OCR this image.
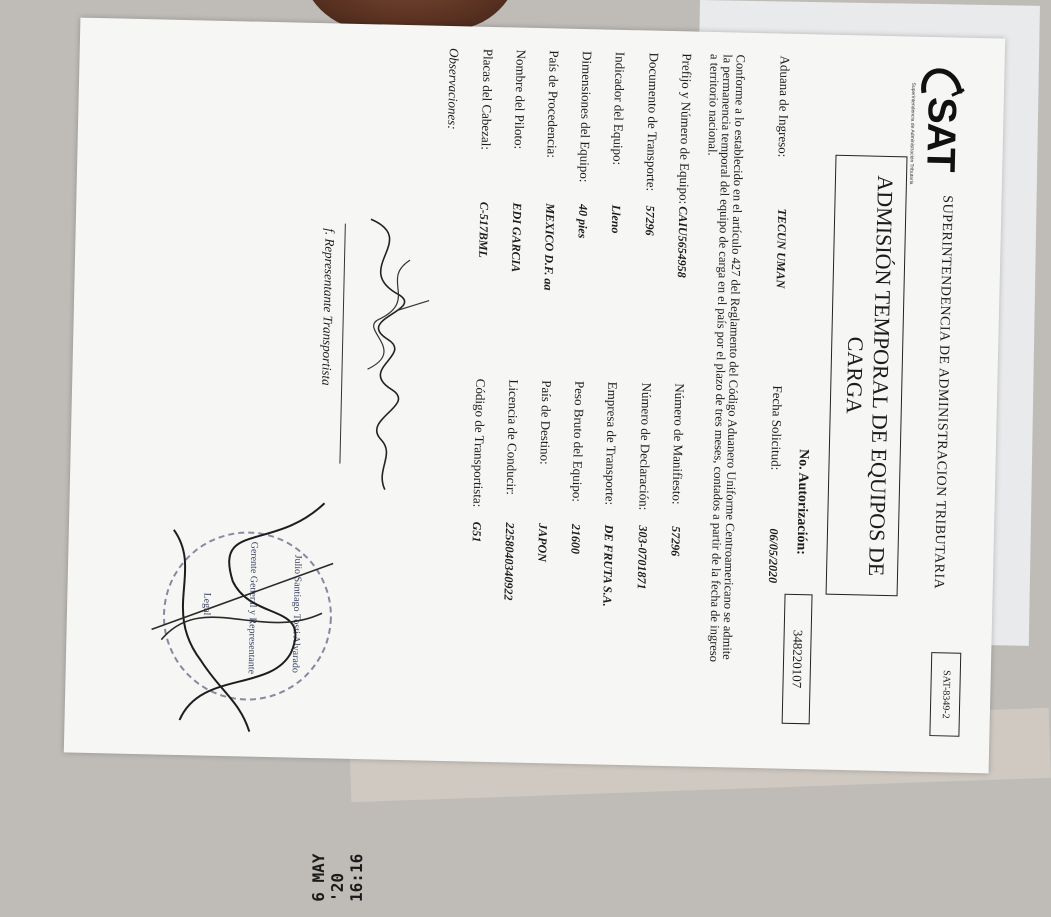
SAT
Superintendencia de Administración Tributaria
SUPERINTENDENCIA DE ADMINISTRACION TRIBUTARIA
SAT-8349-2
ADMISIÓN TEMPORAL DE EQUIPOS DE CARGA
No. Autorización:
348220107
Aduana de Ingreso:
TECUN UMAN
Fecha Solicitud:
06/05/2020
Conforme a lo establecido en el artículo 427 del Reglamento del Código Aduanero Uniforme Centroamericano se admite la permanencia temporal del equipo de carga en el país por el plazo de tres meses, contados a partir de la fecha de ingreso a territorio nacional.
Prefijo y Número de Equipo:
CAIU5654958
Número de Manifiesto:
57296
Documento de Transporte:
57296
Número de Declaración:
303-0701871
Indicador del Equipo:
Lleno
Empresa de Transporte:
DE FRUTA S.A.
Dimensiones del Equipo:
40 pies
Peso Bruto del Equipo:
21600
País de Procedencia:
MEXICO D.F. aa
País de Destino:
JAPON
Nombre del Piloto:
EDI GARCIA
Licencia de Conducir:
2258040340922
Placas del Cabezal:
C-517BML
Código de Transportista:
G51
Observaciones:
f. Representante Transportista
Julio Santiago Tosti Alvarado
Gerente General y Representante
Legal
6 MAY '20 16:16
